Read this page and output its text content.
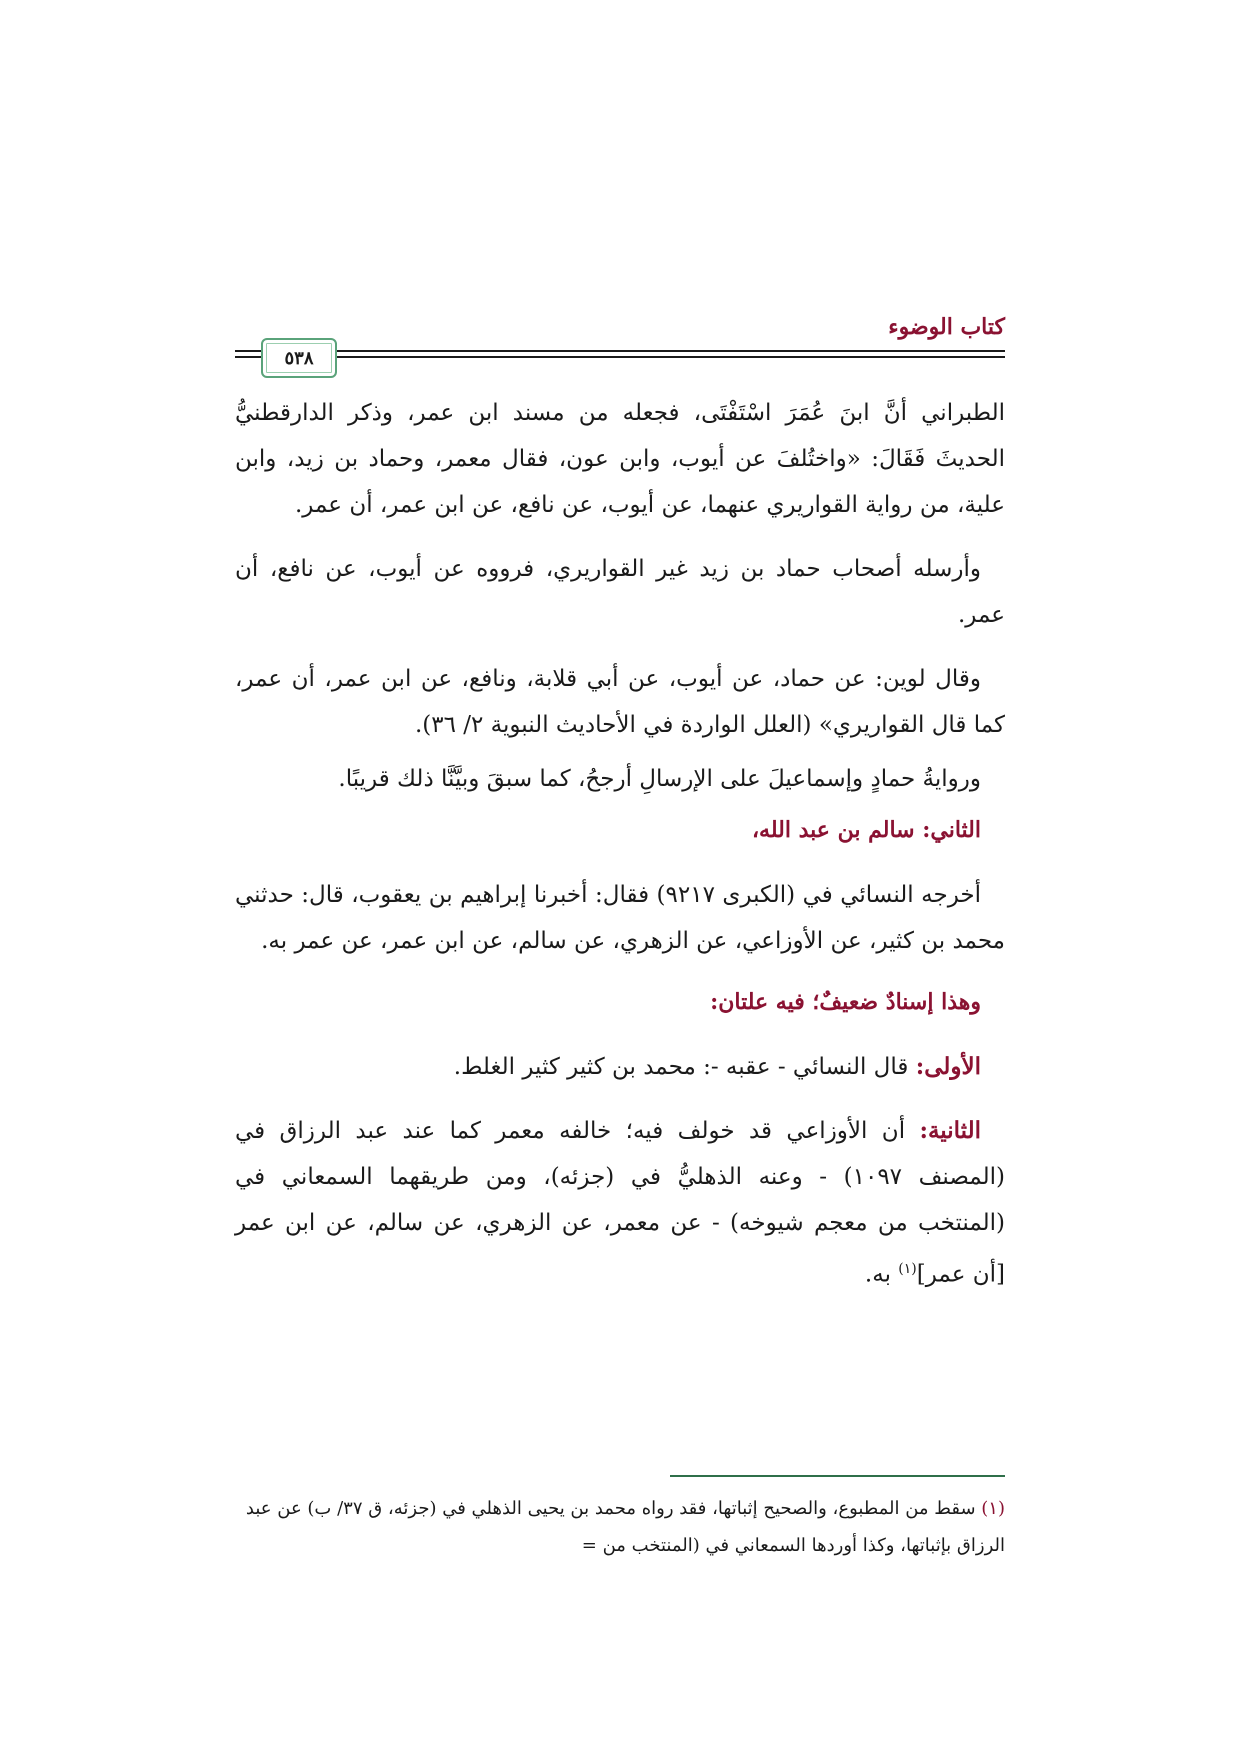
كتاب الوضوء
٥٣٨

الطبراني أنَّ ابنَ عُمَرَ اسْتَفْتَى، فجعله من مسند ابن عمر، وذكر الدارقطنيُّ الحديثَ فَقَالَ: «واختُلفَ عن أيوب، وابن عون، فقال معمر، وحماد بن زيد، وابن علية، من رواية القواريري عنهما، عن أيوب، عن نافع، عن ابن عمر، أن عمر.

وأرسله أصحاب حماد بن زيد غير القواريري، فرووه عن أيوب، عن نافع، أن عمر.

وقال لوين: عن حماد، عن أيوب، عن أبي قلابة، ونافع، عن ابن عمر، أن عمر، كما قال القواريري» (العلل الواردة في الأحاديث النبوية ٢/ ٣٦).

وروايةُ حمادٍ وإسماعيلَ على الإرسالِ أرجحُ، كما سبقَ وبيَّنَّا ذلك قريبًا.

الثاني: سالم بن عبد الله،

أخرجه النسائي في (الكبرى ٩٢١٧) فقال: أخبرنا إبراهيم بن يعقوب، قال: حدثني محمد بن كثير، عن الأوزاعي، عن الزهري، عن سالم، عن ابن عمر، عن عمر به.

وهذا إسنادٌ ضعيفٌ؛ فيه علتان:

الأولى: قال النسائي - عقبه -: محمد بن كثير كثير الغلط.

الثانية: أن الأوزاعي قد خولف فيه؛ خالفه معمر كما عند عبد الرزاق في (المصنف ١٠٩٧) - وعنه الذهليُّ في (جزئه)، ومن طريقهما السمعاني في (المنتخب من معجم شيوخه) - عن معمر، عن الزهري، عن سالم، عن ابن عمر [أن عمر]$^{(١)}$ به.

(١) سقط من المطبوع، والصحيح إثباتها، فقد رواه محمد بن يحيى الذهلي في (جزئه، ق ٣٧/ ب) عن عبد الرزاق بإثباتها، وكذا أوردها السمعاني في (المنتخب من =
